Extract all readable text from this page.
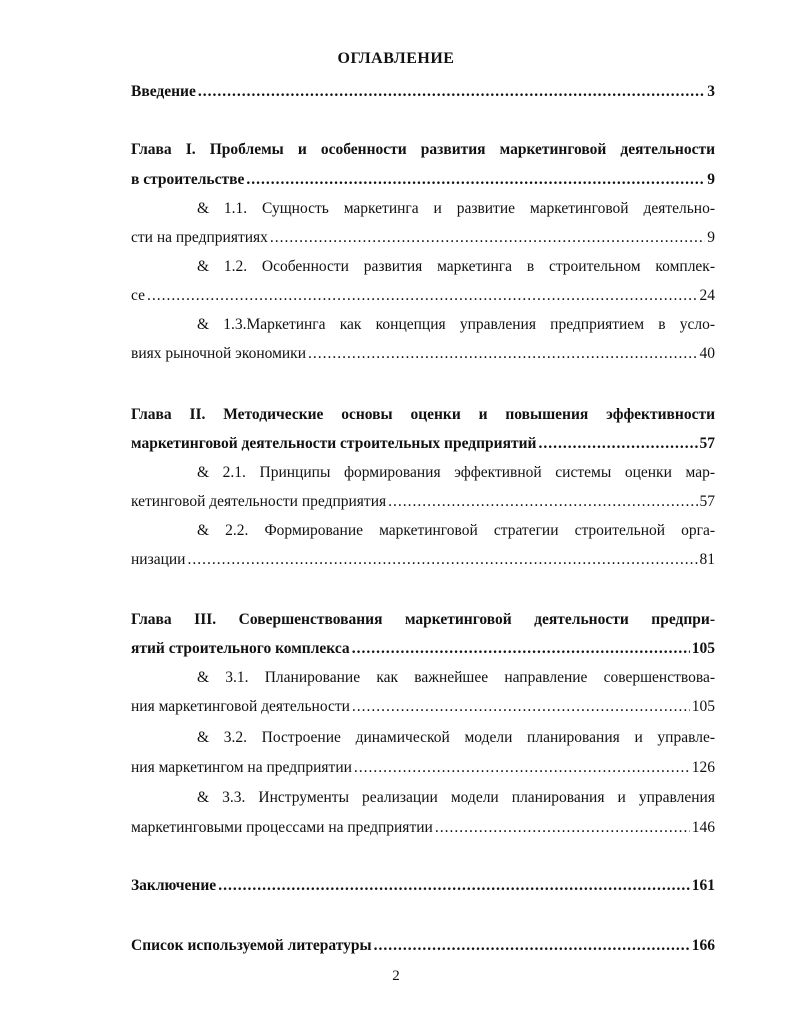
ОГЛАВЛЕНИЕ
Введение .....	3
Глава I. Проблемы и особенности развития маркетинговой деятельности
в строительстве .....	9
& 1.1. Сущность маркетинга и развитие маркетинговой деятельно-
сти на предприятиях .....	9
& 1.2. Особенности развития маркетинга в строительном комплек-
се .....	24
& 1.3.Маркетинга как концепция управления предприятием в усло-
виях рыночной экономики .....	40
Глава II. Методические основы оценки и повышения эффективности
маркетинговой деятельности строительных предприятий .....	57
& 2.1. Принципы формирования эффективной системы оценки мар-
кетинговой деятельности предприятия .....	57
& 2.2. Формирование маркетинговой стратегии строительной орга-
низации .....	81
Глава III. Совершенствования маркетинговой деятельности предпри-
ятий строительного комплекса .....	105
& 3.1. Планирование как важнейшее направление совершенствова-
ния маркетинговой деятельности .....	105
& 3.2. Построение динамической модели планирования и управле-
ния маркетингом на предприятии .....	126
& 3.3. Инструменты реализации модели планирования и управления
маркетинговыми процессами на предприятии .....	146
Заключение .....	161
Список используемой литературы .....	166
2
